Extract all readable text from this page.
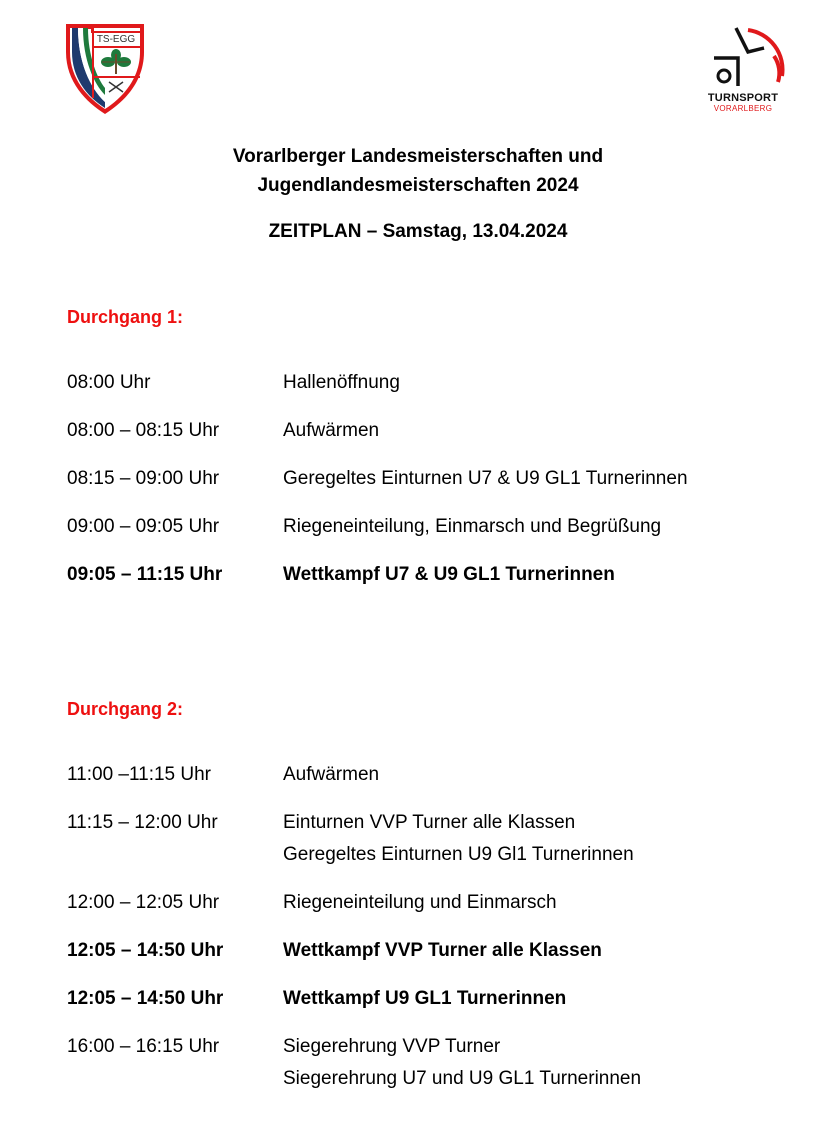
TS-EGG
TURNSPORT
VORARLBERG
Vorarlberger Landesmeisterschaften und
Jugendlandesmeisterschaften 2024
ZEITPLAN – Samstag, 13.04.2024
Durchgang 1:
08:00 Uhr	Hallenöffnung
08:00 – 08:15 Uhr	Aufwärmen
08:15 – 09:00 Uhr	Geregeltes Einturnen U7 & U9 GL1 Turnerinnen
09:00 – 09:05 Uhr	Riegeneinteilung, Einmarsch und Begrüßung
09:05 – 11:15 Uhr	Wettkampf U7 & U9 GL1 Turnerinnen
Durchgang 2:
11:00 –11:15 Uhr	Aufwärmen
11:15 – 12:00 Uhr	Einturnen VVP Turner alle Klassen
Geregeltes Einturnen U9 Gl1 Turnerinnen
12:00 – 12:05 Uhr	Riegeneinteilung und Einmarsch
12:05 – 14:50 Uhr	Wettkampf VVP Turner alle Klassen
12:05 – 14:50 Uhr	Wettkampf U9 GL1 Turnerinnen
16:00 – 16:15 Uhr	Siegerehrung VVP Turner
Siegerehrung U7 und U9 GL1 Turnerinnen
